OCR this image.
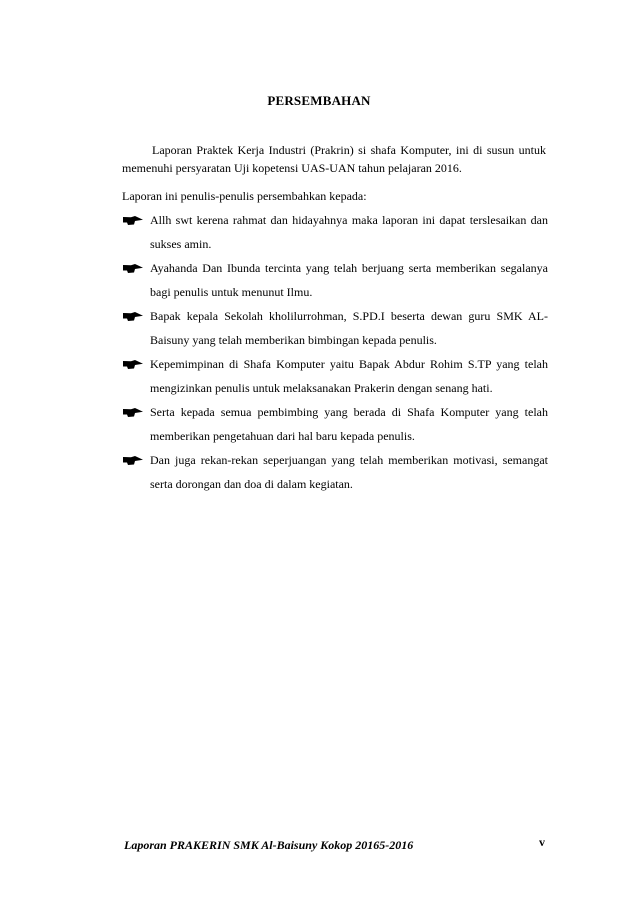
PERSEMBAHAN
Laporan Praktek Kerja Industri (Prakrin) si shafa Komputer, ini di susun untuk memenuhi persyaratan Uji kopetensi UAS-UAN tahun pelajaran 2016.
Laporan ini penulis-penulis persembahkan kepada:
Allh swt kerena rahmat dan hidayahnya maka laporan ini dapat terslesaikan dan sukses amin.
Ayahanda Dan Ibunda tercinta yang telah berjuang serta memberikan segalanya bagi penulis untuk menunut Ilmu.
Bapak kepala Sekolah kholilurrohman, S.PD.I beserta dewan guru SMK AL-Baisuny yang telah memberikan bimbingan kepada penulis.
Kepemimpinan di Shafa Komputer yaitu Bapak Abdur Rohim S.TP yang telah mengizinkan penulis untuk melaksanakan Prakerin dengan senang hati.
Serta kepada semua pembimbing yang berada di Shafa Komputer yang telah memberikan pengetahuan dari hal baru kepada penulis.
Dan juga rekan-rekan seperjuangan yang telah memberikan motivasi, semangat serta dorongan dan doa di dalam kegiatan.
Laporan PRAKERIN SMK Al-Baisuny Kokop 20165-2016	v
